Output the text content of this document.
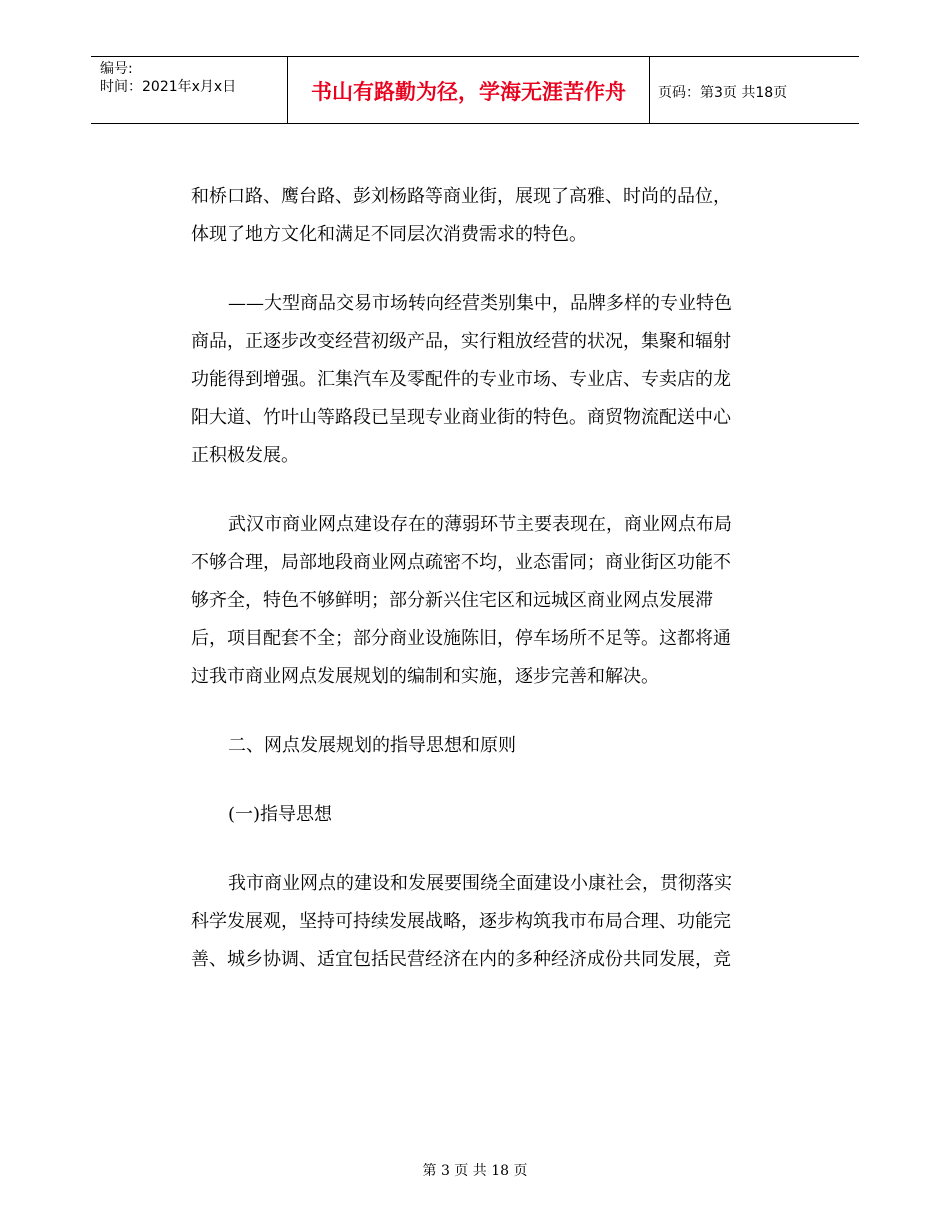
编号:
时间：2021年x月x日	书山有路勤为径，学海无涯苦作舟	页码：第3页 共18页

和桥口路、鹰台路、彭刘杨路等商业街，展现了高雅、时尚的品位，

体现了地方文化和满足不同层次消费需求的特色。

——大型商品交易市场转向经营类别集中，品牌多样的专业特色

商品，正逐步改变经营初级产品，实行粗放经营的状况，集聚和辐射

功能得到增强。汇集汽车及零配件的专业市场、专业店、专卖店的龙

阳大道、竹叶山等路段已呈现专业商业街的特色。商贸物流配送中心

正积极发展。

武汉市商业网点建设存在的薄弱环节主要表现在，商业网点布局

不够合理，局部地段商业网点疏密不均，业态雷同；商业街区功能不

够齐全，特色不够鲜明；部分新兴住宅区和远城区商业网点发展滞

后，项目配套不全；部分商业设施陈旧，停车场所不足等。这都将通

过我市商业网点发展规划的编制和实施，逐步完善和解决。

二、网点发展规划的指导思想和原则

(一)指导思想

我市商业网点的建设和发展要围绕全面建设小康社会，贯彻落实

科学发展观，坚持可持续发展战略，逐步构筑我市布局合理、功能完

善、城乡协调、适宜包括民营经济在内的多种经济成份共同发展，竞

第 3 页 共 18 页
